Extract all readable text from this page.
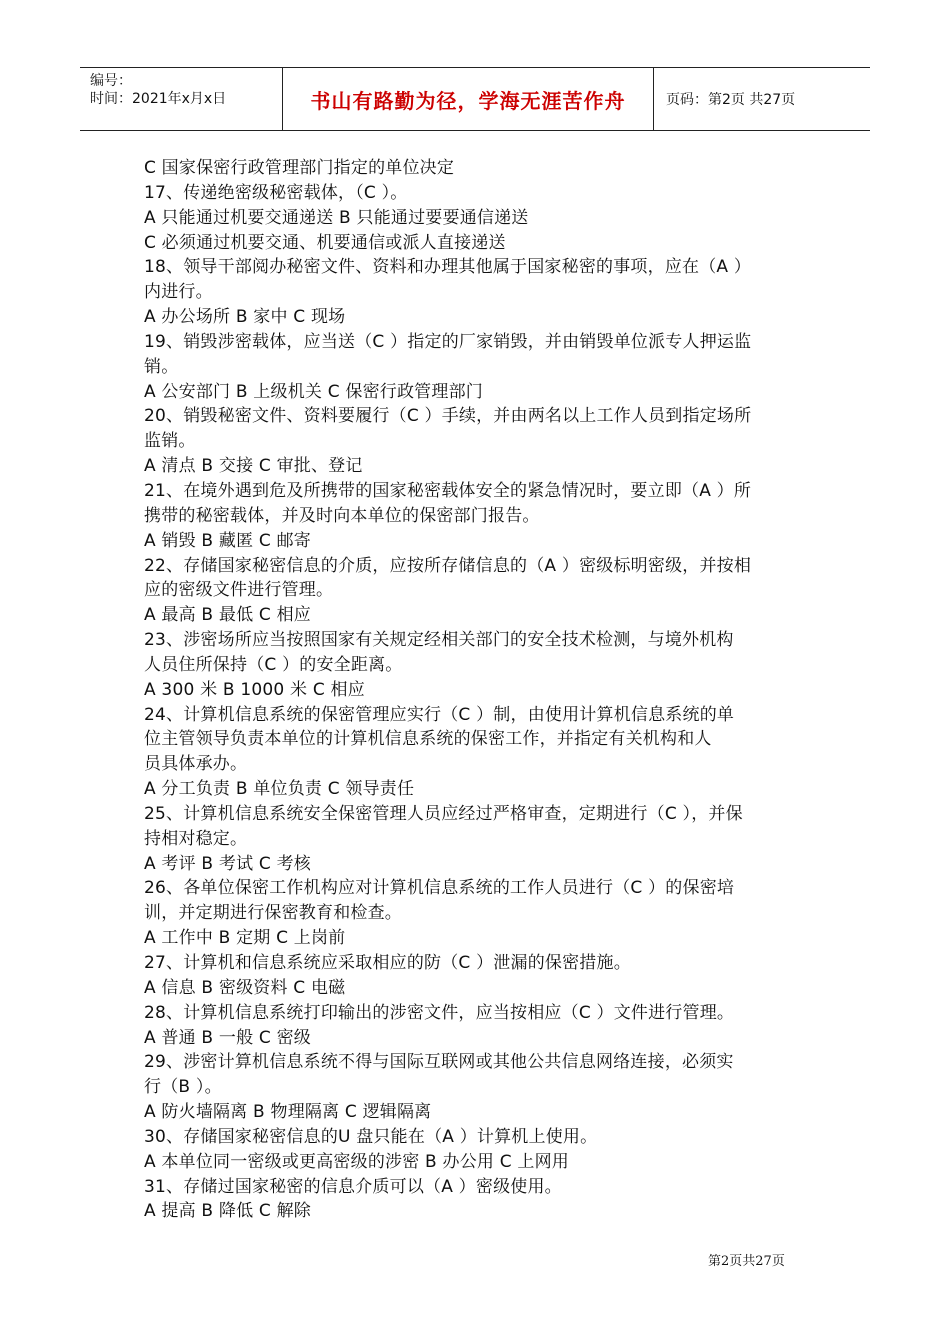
编号：
时间：2021年x月x日	书山有路勤为径，学海无涯苦作舟	页码：第2页 共27页
C 国家保密行政管理部门指定的单位决定
17、传递绝密级秘密载体，（C ）。
A 只能通过机要交通递送 B 只能通过要要通信递送
C 必须通过机要交通、机要通信或派人直接递送
18、领导干部阅办秘密文件、资料和办理其他属于国家秘密的事项，应在（A ）
内进行。
A 办公场所 B 家中 C 现场
19、销毁涉密载体，应当送（C ）指定的厂家销毁，并由销毁单位派专人押运监
销。
A 公安部门 B 上级机关 C 保密行政管理部门
20、销毁秘密文件、资料要履行（C ）手续，并由两名以上工作人员到指定场所
监销。
A 清点 B 交接 C 审批、登记
21、在境外遇到危及所携带的国家秘密载体安全的紧急情况时，要立即（A ）所
携带的秘密载体，并及时向本单位的保密部门报告。
A 销毁 B 藏匿 C 邮寄
22、存储国家秘密信息的介质，应按所存储信息的（A ）密级标明密级，并按相
应的密级文件进行管理。
A 最高 B 最低 C 相应
23、涉密场所应当按照国家有关规定经相关部门的安全技术检测，与境外机构
人员住所保持（C ）的安全距离。
A 300 米 B 1000 米 C 相应
24、计算机信息系统的保密管理应实行（C ）制，由使用计算机信息系统的单
位主管领导负责本单位的计算机信息系统的保密工作，并指定有关机构和人
员具体承办。
A 分工负责 B 单位负责 C 领导责任
25、计算机信息系统安全保密管理人员应经过严格审查，定期进行（C ），并保
持相对稳定。
A 考评 B 考试 C 考核
26、各单位保密工作机构应对计算机信息系统的工作人员进行（C ）的保密培
训，并定期进行保密教育和检查。
A 工作中 B 定期 C 上岗前
27、计算机和信息系统应采取相应的防（C ）泄漏的保密措施。
A 信息 B 密级资料 C 电磁
28、计算机信息系统打印输出的涉密文件，应当按相应（C ）文件进行管理。
A 普通 B 一般 C 密级
29、涉密计算机信息系统不得与国际互联网或其他公共信息网络连接，必须实
行（B ）。
A 防火墙隔离 B 物理隔离 C 逻辑隔离
30、存储国家秘密信息的U 盘只能在（A ）计算机上使用。
A 本单位同一密级或更高密级的涉密 B 办公用 C 上网用
31、存储过国家秘密的信息介质可以（A ）密级使用。
A 提高 B 降低 C 解除
第2页共27页
